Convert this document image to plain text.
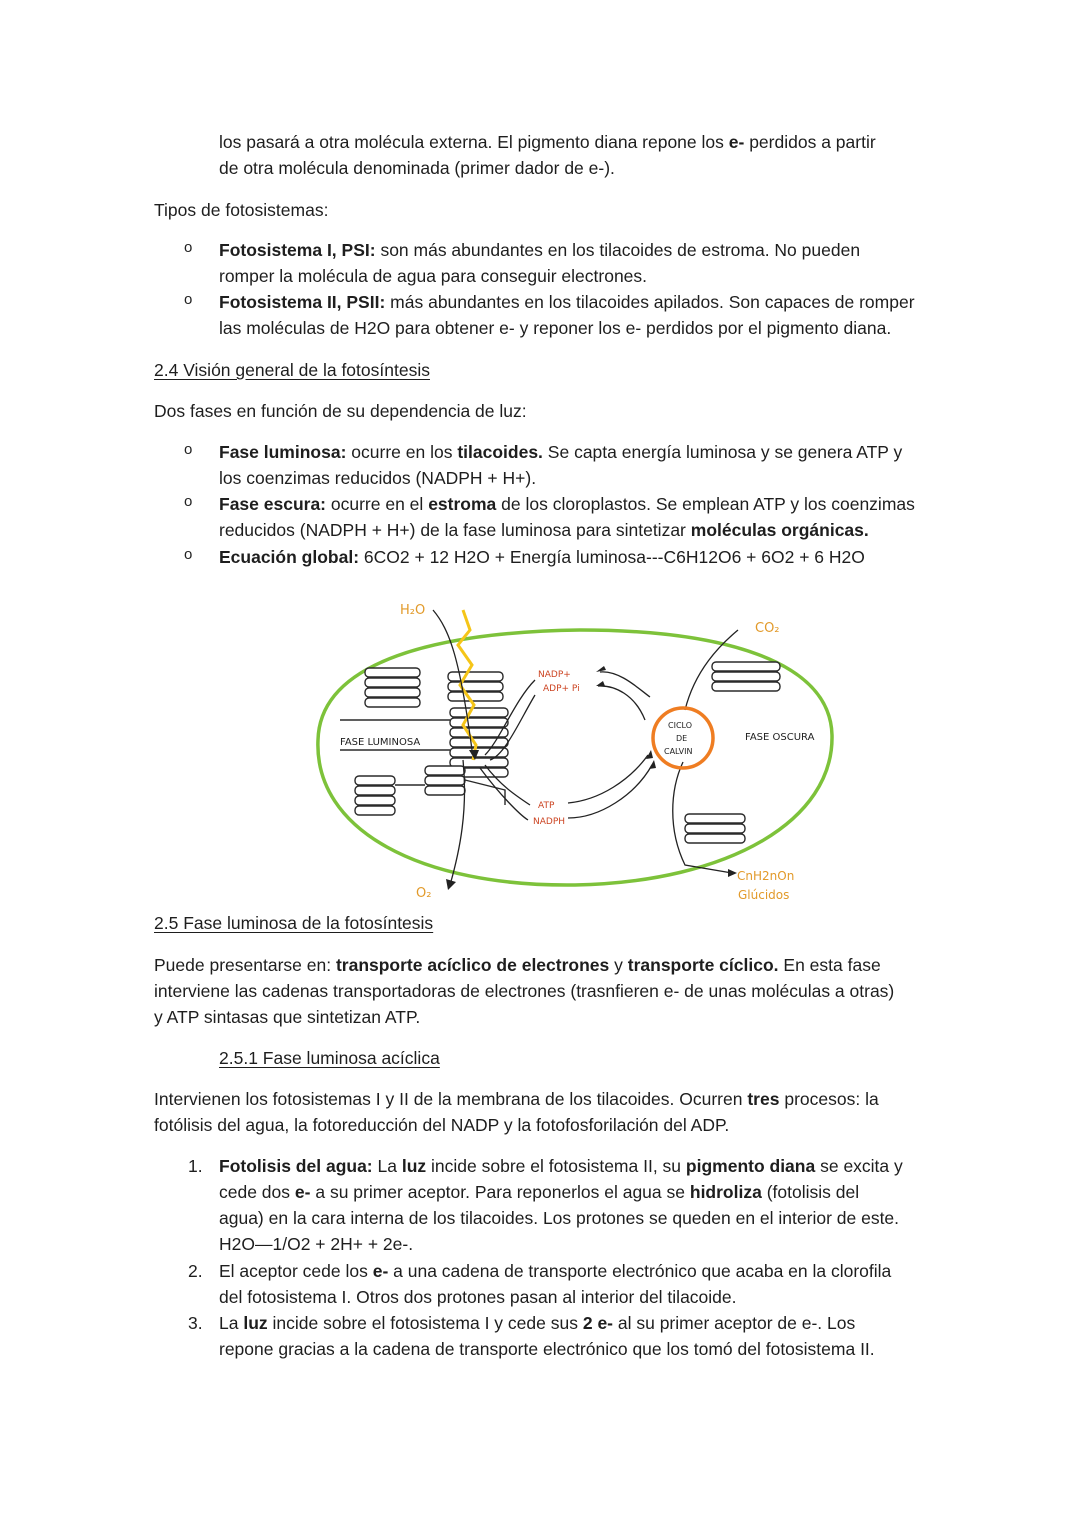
los pasará a otra molécula externa. El pigmento diana repone los e- perdidos a partir
de otra molécula denominada (primer dador de e-).
Tipos de fotosistemas:
o Fotosistema I, PSI: son más abundantes en los tilacoides de estroma. No pueden
romper la molécula de agua para conseguir electrones.
o Fotosistema II, PSII: más abundantes en los tilacoides apilados. Son capaces de romper
las moléculas de H2O para obtener e- y reponer los e- perdidos por el pigmento diana.
2.4 Visión general de la fotosíntesis
Dos fases en función de su dependencia de luz:
o Fase luminosa: ocurre en los tilacoides. Se capta energía luminosa y se genera ATP y
los coenzimas reducidos (NADPH + H+).
o Fase escura: ocurre en el estroma de los cloroplastos. Se emplean ATP y los coenzimas
reducidos (NADPH + H+) de la fase luminosa para sintetizar moléculas orgánicas.
o Ecuación global: 6CO2 + 12 H2O + Energía luminosa---C6H12O6 + 6O2 + 6 H2O
H₂O
CO₂
O₂
NADP+
ADP+ Pi
ATP
NADPH
FASE LUMINOSA	FASE OSCURA
CICLO
DE
CALVIN
CnH2nOn
Glúcidos
2.5 Fase luminosa de la fotosíntesis
Puede presentarse en: transporte acíclico de electrones y transporte cíclico. En esta fase
interviene las cadenas transportadoras de electrones (trasnfieren e- de unas moléculas a otras)
y ATP sintasas que sintetizan ATP.
2.5.1 Fase luminosa acíclica
Intervienen los fotosistemas I y II de la membrana de los tilacoides. Ocurren tres procesos: la
fotólisis del agua, la fotoreducción del NADP y la fotofosforilación del ADP.
1. Fotolisis del agua: La luz incide sobre el fotosistema II, su pigmento diana se excita y
cede dos e- a su primer aceptor. Para reponerlos el agua se hidroliza (fotolisis del
agua) en la cara interna de los tilacoides. Los protones se queden en el interior de este.
H2O—1/O2 + 2H+ + 2e-.
2. El aceptor cede los e- a una cadena de transporte electrónico que acaba en la clorofila
del fotosistema I. Otros dos protones pasan al interior del tilacoide.
3. La luz incide sobre el fotosistema I y cede sus 2 e- al su primer aceptor de e-. Los
repone gracias a la cadena de transporte electrónico que los tomó del fotosistema II.
